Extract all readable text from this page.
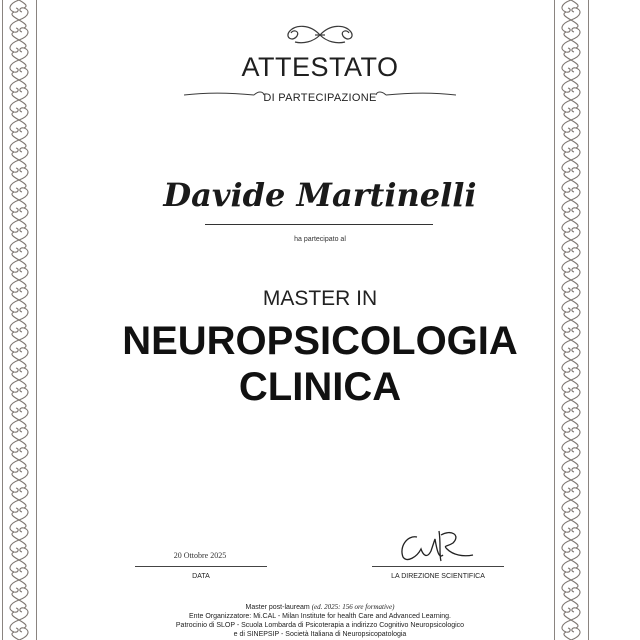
ATTESTATO
DI PARTECIPAZIONE
Davide Martinelli
ha partecipato al
MASTER IN
NEUROPSICOLOGIA
CLINICA
20 Ottobre 2025
DATA	LA DIREZIONE SCIENTIFICA
Master post-lauream (ed. 2025: 156 ore formative)
Ente Organizzatore: Mi.CAL - Milan Institute for health Care and Advanced Learning.
Patrocinio di SLOP - Scuola Lombarda di Psicoterapia a indirizzo Cognitivo Neuropsicologico
e di SINEPSIP - Società Italiana di Neuropsicopatologia
